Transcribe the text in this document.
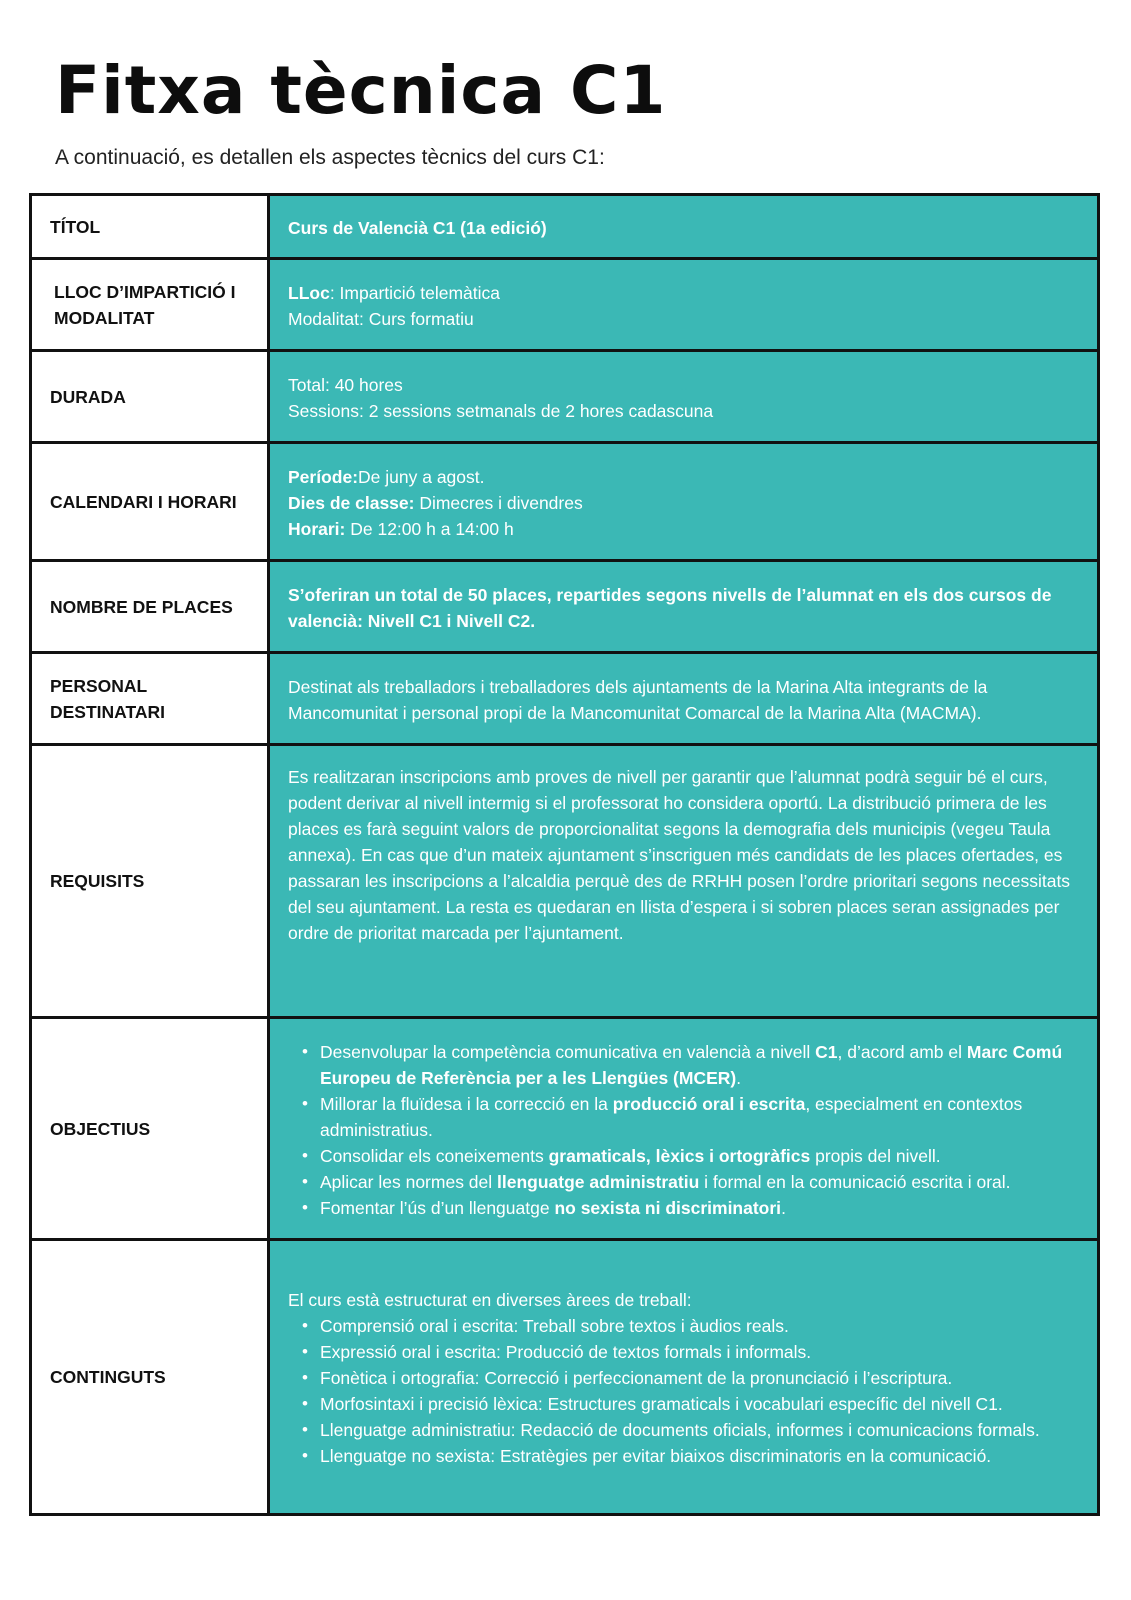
Fitxa tècnica C1

A continuació, es detallen els aspectes tècnics del curs C1:

TÍTOL	Curs de Valencià C1 (1a edició)
LLOC D’IMPARTICIÓ I MODALITAT
LLoc: Impartició telemàtica
Modalitat: Curs formatiu
DURADA
Total: 40 hores
Sessions: 2 sessions setmanals de 2 hores cadascuna
CALENDARI I HORARI
Període:De juny a agost.
Dies de classe: Dimecres i divendres
Horari: De 12:00 h a 14:00 h
NOMBRE DE PLACES
S’oferiran un total de 50 places, repartides segons nivells de l’alumnat en els dos cursos de valencià: Nivell C1 i Nivell C2.
PERSONAL DESTINATARI
Destinat als treballadors i treballadores dels ajuntaments de la Marina Alta integrants de la Mancomunitat i personal propi de la Mancomunitat Comarcal de la Marina Alta (MACMA).
REQUISITS
Es realitzaran inscripcions amb proves de nivell per garantir que l’alumnat podrà seguir bé el curs, podent derivar al nivell intermig si el professorat ho considera oportú. La distribució primera de les places es farà seguint valors de proporcionalitat segons la demografia dels municipis (vegeu Taula annexa). En cas que d’un mateix ajuntament s’inscriguen més candidats de les places ofertades, es passaran les inscripcions a l’alcaldia perquè des de RRHH posen l’ordre prioritari segons necessitats del seu ajuntament. La resta es quedaran en llista d’espera i si sobren places seran assignades per ordre de prioritat marcada per l’ajuntament.
OBJECTIUS
• Desenvolupar la competència comunicativa en valencià a nivell C1, d’acord amb el Marc Comú Europeu de Referència per a les Llengües (MCER).
• Millorar la fluïdesa i la correcció en la producció oral i escrita, especialment en contextos administratius.
• Consolidar els coneixements gramaticals, lèxics i ortogràfics propis del nivell.
• Aplicar les normes del llenguatge administratiu i formal en la comunicació escrita i oral.
• Fomentar l’ús d’un llenguatge no sexista ni discriminatori.
CONTINGUTS
El curs està estructurat en diverses àrees de treball:
• Comprensió oral i escrita: Treball sobre textos i àudios reals.
• Expressió oral i escrita: Producció de textos formals i informals.
• Fonètica i ortografia: Correcció i perfeccionament de la pronunciació i l’escriptura.
• Morfosintaxi i precisió lèxica: Estructures gramaticals i vocabulari específic del nivell C1.
• Llenguatge administratiu: Redacció de documents oficials, informes i comunicacions formals.
• Llenguatge no sexista: Estratègies per evitar biaixos discriminatoris en la comunicació.
